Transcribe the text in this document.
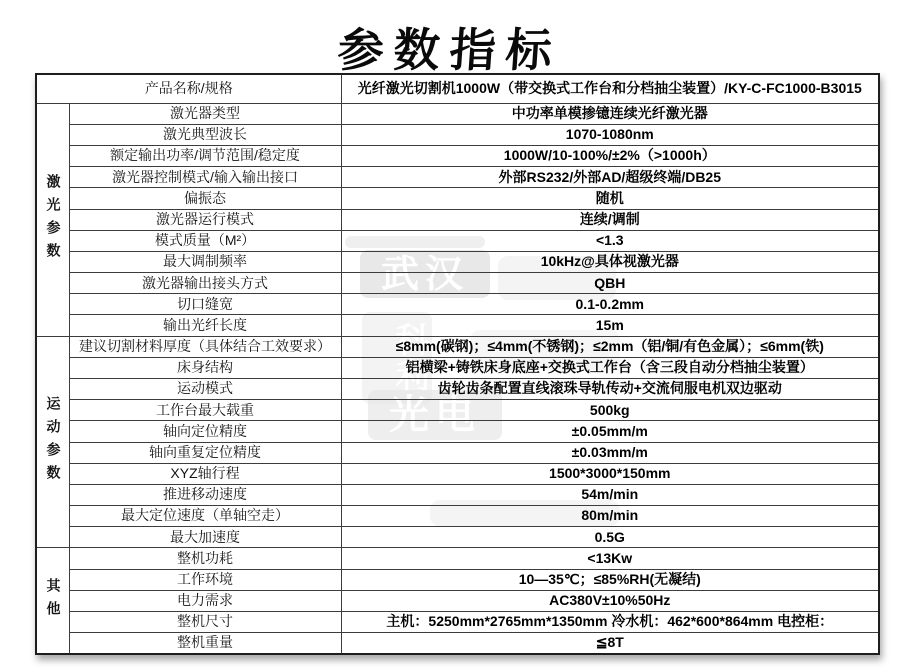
参数指标
武汉
科利
光电
产品名称/规格		光纤激光切割机1000W（带交换式工作台和分档抽尘装置）/KY-C-FC1000-B3015
激光参数	激光器类型	中功率单模掺镱连续光纤激光器
	激光典型波长	1070-1080nm
	额定输出功率/调节范围/稳定度	1000W/10-100%/±2%（>1000h）
	激光器控制模式/输入输出接口	外部RS232/外部AD/超级终端/DB25
	偏振态	随机
	激光器运行模式	连续/调制
	模式质量（M²）	<1.3
	最大调制频率	10kHz@具体视激光器
	激光器输出接头方式	QBH
	切口缝宽	0.1-0.2mm
	输出光纤长度	15m
运动参数	建议切割材料厚度（具体结合工效要求）	≤8mm(碳钢)；≤4mm(不锈钢)；≤2mm（铝/铜/有色金属）；≤6mm(铁)
	床身结构	铝横梁+铸铁床身底座+交换式工作台（含三段自动分档抽尘装置）
	运动模式	齿轮齿条配置直线滚珠导轨传动+交流伺服电机双边驱动
	工作台最大载重	500kg
	轴向定位精度	±0.05mm/m
	轴向重复定位精度	±0.03mm/m
	XYZ轴行程	1500*3000*150mm
	推进移动速度	54m/min
	最大定位速度（单轴空走）	80m/min
	最大加速度	0.5G
其他	整机功耗	<13Kw
	工作环境	10—35℃；≤85%RH(无凝结)
	电力需求	AC380V±10%50Hz
	整机尺寸	主机：5250mm*2765mm*1350mm 冷水机：462*600*864mm 电控柜：
	整机重量	≦8T
